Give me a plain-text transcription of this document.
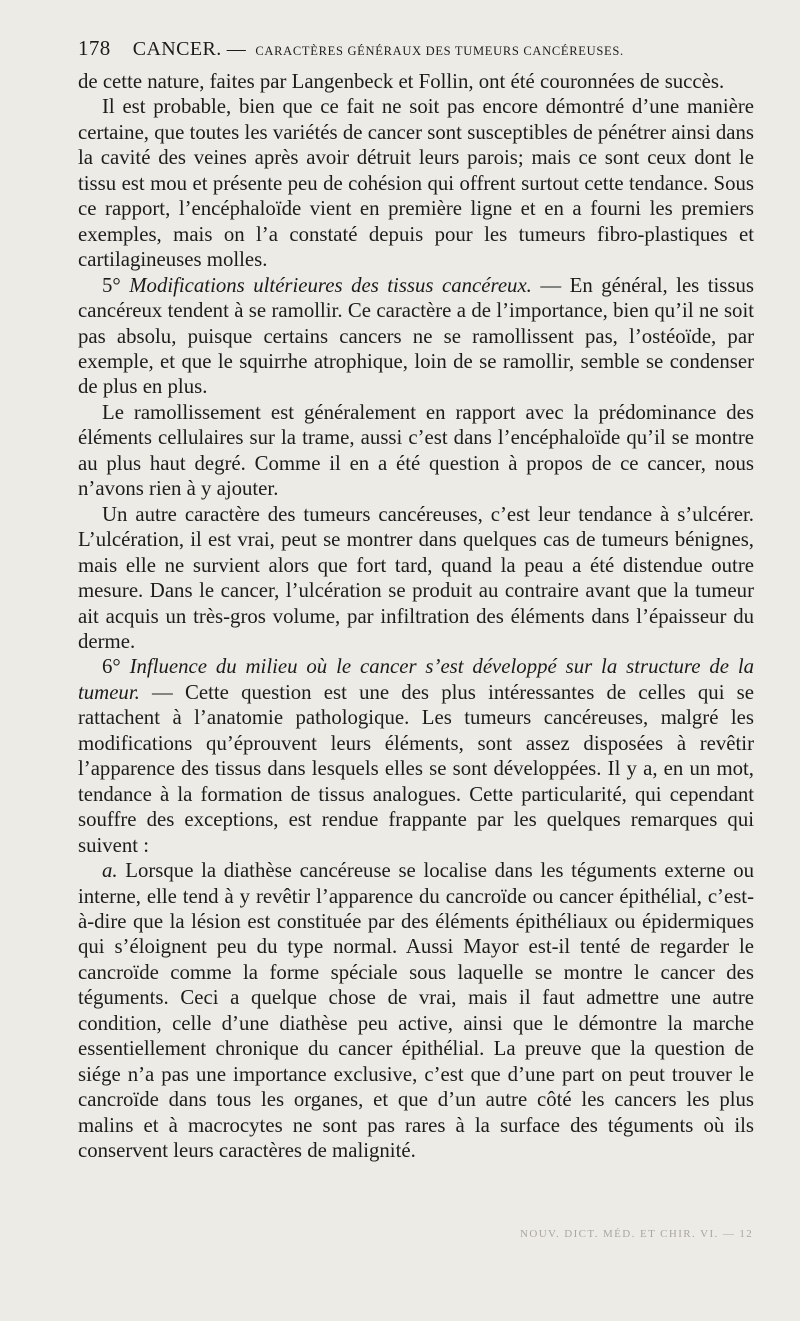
178 CANCER. — CARACTÈRES GÉNÉRAUX DES TUMEURS CANCÉREUSES.

de cette nature, faites par Langenbeck et Follin, ont été couronnées de succès.

Il est probable, bien que ce fait ne soit pas encore démontré d’une manière certaine, que toutes les variétés de cancer sont susceptibles de pénétrer ainsi dans la cavité des veines après avoir détruit leurs parois; mais ce sont ceux dont le tissu est mou et présente peu de cohésion qui offrent surtout cette tendance. Sous ce rapport, l’encéphaloïde vient en première ligne et en a fourni les premiers exemples, mais on l’a constaté depuis pour les tumeurs fibro-plastiques et cartilagineuses molles.

5° Modifications ultérieures des tissus cancéreux. — En général, les tissus cancéreux tendent à se ramollir. Ce caractère a de l’importance, bien qu’il ne soit pas absolu, puisque certains cancers ne se ramollissent pas, l’ostéoïde, par exemple, et que le squirrhe atrophique, loin de se ramollir, semble se condenser de plus en plus.

Le ramollissement est généralement en rapport avec la prédominance des éléments cellulaires sur la trame, aussi c’est dans l’encéphaloïde qu’il se montre au plus haut degré. Comme il en a été question à propos de ce cancer, nous n’avons rien à y ajouter.

Un autre caractère des tumeurs cancéreuses, c’est leur tendance à s’ulcérer. L’ulcération, il est vrai, peut se montrer dans quelques cas de tumeurs bénignes, mais elle ne survient alors que fort tard, quand la peau a été distendue outre mesure. Dans le cancer, l’ulcération se produit au contraire avant que la tumeur ait acquis un très-gros volume, par infiltration des éléments dans l’épaisseur du derme.

6° Influence du milieu où le cancer s’est développé sur la structure de la tumeur. — Cette question est une des plus intéressantes de celles qui se rattachent à l’anatomie pathologique. Les tumeurs cancéreuses, malgré les modifications qu’éprouvent leurs éléments, sont assez disposées à revêtir l’apparence des tissus dans lesquels elles se sont développées. Il y a, en un mot, tendance à la formation de tissus analogues. Cette particularité, qui cependant souffre des exceptions, est rendue frappante par les quelques remarques qui suivent :

a. Lorsque la diathèse cancéreuse se localise dans les téguments externe ou interne, elle tend à y revêtir l’apparence du cancroïde ou cancer épithélial, c’est-à-dire que la lésion est constituée par des éléments épithéliaux ou épidermiques qui s’éloignent peu du type normal. Aussi Mayor est-il tenté de regarder le cancroïde comme la forme spéciale sous laquelle se montre le cancer des téguments. Ceci a quelque chose de vrai, mais il faut admettre une autre condition, celle d’une diathèse peu active, ainsi que le démontre la marche essentiellement chronique du cancer épithélial. La preuve que la question de siége n’a pas une importance exclusive, c’est que d’une part on peut trouver le cancroïde dans tous les organes, et que d’un autre côté les cancers les plus malins et à macrocytes ne sont pas rares à la surface des téguments où ils conservent leurs caractères de malignité.

NOUV. DICT. MÉD. ET CHIR. VI. — 12
